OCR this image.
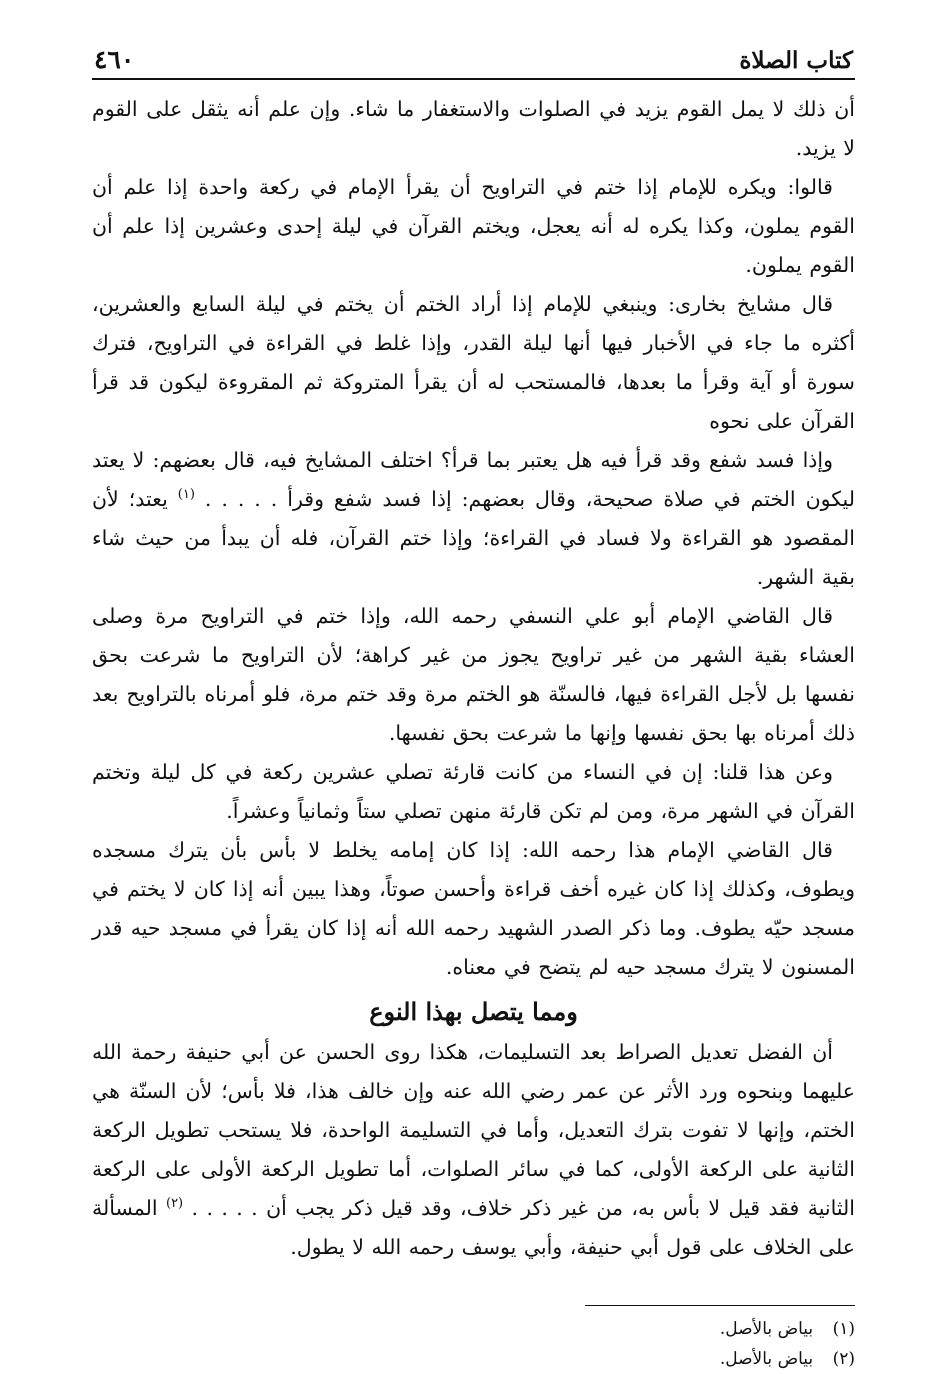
كتاب الصلاة
٤٦٠

أن ذلك لا يمل القوم يزيد في الصلوات والاستغفار ما شاء. وإن علم أنه يثقل على القوم لا يزيد.

قالوا: ويكره للإمام إذا ختم في التراويح أن يقرأ الإمام في ركعة واحدة إذا علم أن القوم يملون، وكذا يكره له أنه يعجل، ويختم القرآن في ليلة إحدى وعشرين إذا علم أن القوم يملون.

قال مشايخ بخارى: وينبغي للإمام إذا أراد الختم أن يختم في ليلة السابع والعشرين، أكثره ما جاء في الأخبار فيها أنها ليلة القدر، وإذا غلط في القراءة في التراويح، فترك سورة أو آية وقرأ ما بعدها، فالمستحب له أن يقرأ المتروكة ثم المقروءة ليكون قد قرأ القرآن على نحوه

وإذا فسد شفع وقد قرأ فيه هل يعتبر بما قرأ؟ اختلف المشايخ فيه، قال بعضهم: لا يعتد ليكون الختم في صلاة صحيحة، وقال بعضهم: إذا فسد شفع وقرأ . . . . . $^{(١)}$ يعتد؛ لأن المقصود هو القراءة ولا فساد في القراءة؛ وإذا ختم القرآن، فله أن يبدأ من حيث شاء بقية الشهر.

قال القاضي الإمام أبو علي النسفي رحمه الله، وإذا ختم في التراويح مرة وصلى العشاء بقية الشهر من غير تراويح يجوز من غير كراهة؛ لأن التراويح ما شرعت بحق نفسها بل لأجل القراءة فيها، فالسنّة هو الختم مرة وقد ختم مرة، فلو أمرناه بالتراويح بعد ذلك أمرناه بها بحق نفسها وإنها ما شرعت بحق نفسها.

وعن هذا قلنا: إن في النساء من كانت قارئة تصلي عشرين ركعة في كل ليلة وتختم القرآن في الشهر مرة، ومن لم تكن قارئة منهن تصلي ستاً وثمانياً وعشراً.

قال القاضي الإمام هذا رحمه الله: إذا كان إمامه يخلط لا بأس بأن يترك مسجده ويطوف، وكذلك إذا كان غيره أخف قراءة وأحسن صوتاً، وهذا يبين أنه إذا كان لا يختم في مسجد حيّه يطوف. وما ذكر الصدر الشهيد رحمه الله أنه إذا كان يقرأ في مسجد حيه قدر المسنون لا يترك مسجد حيه لم يتضح في معناه.

ومما يتصل بهذا النوع

أن الفضل تعديل الصراط بعد التسليمات، هكذا روى الحسن عن أبي حنيفة رحمة الله عليهما وبنحوه ورد الأثر عن عمر رضي الله عنه وإن خالف هذا، فلا بأس؛ لأن السنّة هي الختم، وإنها لا تفوت بترك التعديل، وأما في التسليمة الواحدة، فلا يستحب تطويل الركعة الثانية على الركعة الأولى، كما في سائر الصلوات، أما تطويل الركعة الأولى على الركعة الثانية فقد قيل لا بأس به، من غير ذكر خلاف، وقد قيل ذكر يجب أن . . . . . $^{(٢)}$ المسألة على الخلاف على قول أبي حنيفة، وأبي يوسف رحمه الله لا يطول.

(١) بياض بالأصل.

(٢) بياض بالأصل.
